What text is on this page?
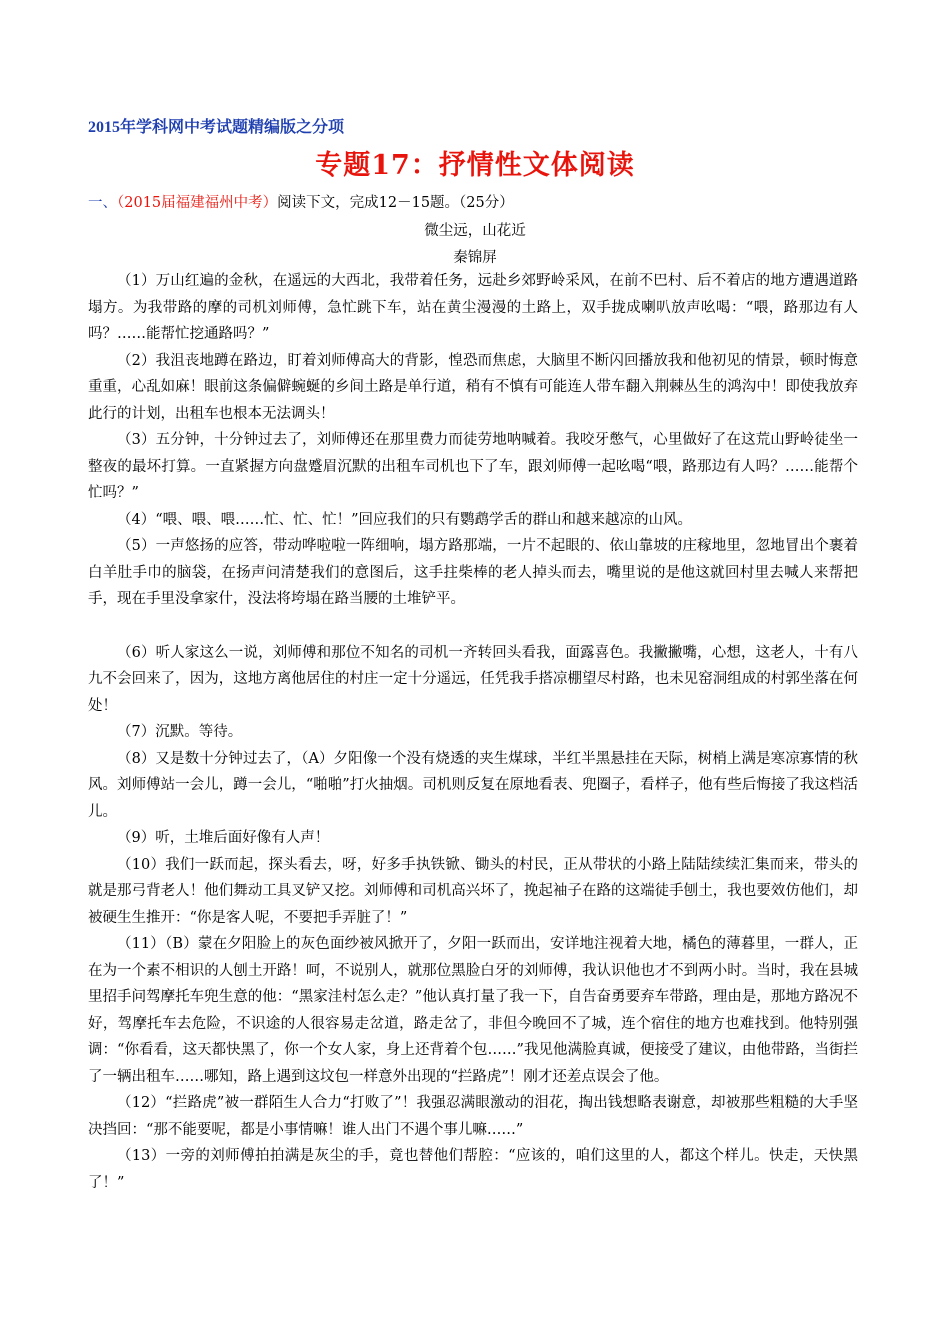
2015年学科网中考试题精编版之分项
专题17：抒情性文体阅读
一、（2015届福建福州中考）阅读下文，完成12－15题。（25分）
微尘远，山花近
秦锦屏

（1）万山红遍的金秋，在遥远的大西北，我带着任务，远赴乡郊野岭采风，在前不巴村、后不着店的地方遭遇道路塌方。为我带路的摩的司机刘师傅，急忙跳下车，站在黄尘漫漫的土路上，双手拢成喇叭放声吆喝：“喂，路那边有人吗？……能帮忙挖通路吗？”

（2）我沮丧地蹲在路边，盯着刘师傅高大的背影，惶恐而焦虑，大脑里不断闪回播放我和他初见的情景，顿时悔意重重，心乱如麻！眼前这条偏僻蜿蜒的乡间土路是单行道，稍有不慎有可能连人带车翻入荆棘丛生的鸿沟中！即使我放弃此行的计划，出租车也根本无法调头！

（3）五分钟，十分钟过去了，刘师傅还在那里费力而徒劳地呐喊着。我咬牙憋气，心里做好了在这荒山野岭徒坐一整夜的最坏打算。一直紧握方向盘蹙眉沉默的出租车司机也下了车，跟刘师傅一起吆喝“喂，路那边有人吗？……能帮个忙吗？”

（4）“喂、喂、喂……忙、忙、忙！”回应我们的只有鹦鹉学舌的群山和越来越凉的山风。

（5）一声悠扬的应答，带动哗啦啦一阵细响，塌方路那端，一片不起眼的、依山靠坡的庄稼地里，忽地冒出个裹着白羊肚手巾的脑袋，在扬声问清楚我们的意图后，这手拄柴棒的老人掉头而去，嘴里说的是他这就回村里去喊人来帮把手，现在手里没拿家什，没法将垮塌在路当腰的土堆铲平。

（6）听人家这么一说，刘师傅和那位不知名的司机一齐转回头看我，面露喜色。我撇撇嘴，心想，这老人，十有八九不会回来了，因为，这地方离他居住的村庄一定十分遥远，任凭我手搭凉棚望尽村路，也未见窑洞组成的村郭坐落在何处！

（7）沉默。等待。

（8）又是数十分钟过去了，（A）夕阳像一个没有烧透的夹生煤球，半红半黑悬挂在天际，树梢上满是寒凉寡情的秋风。刘师傅站一会儿，蹲一会儿，“啪啪”打火抽烟。司机则反复在原地看表、兜圈子，看样子，他有些后悔接了我这档活儿。

（9）听，土堆后面好像有人声！

（10）我们一跃而起，探头看去，呀，好多手执铁锨、锄头的村民，正从带状的小路上陆陆续续汇集而来，带头的就是那弓背老人！他们舞动工具叉铲又挖。刘师傅和司机高兴坏了，挽起袖子在路的这端徒手刨土，我也要效仿他们，却被硬生生推开：“你是客人呢，不要把手弄脏了！”

（11）（B）蒙在夕阳脸上的灰色面纱被风掀开了，夕阳一跃而出，安详地注视着大地，橘色的薄暮里，一群人，正在为一个素不相识的人刨土开路！呵，不说别人，就那位黑脸白牙的刘师傅，我认识他也才不到两小时。当时，我在县城里招手问驾摩托车兜生意的他：“黑家洼村怎么走？”他认真打量了我一下，自告奋勇要弃车带路，理由是，那地方路况不好，驾摩托车去危险，不识途的人很容易走岔道，路走岔了，非但今晚回不了城，连个宿住的地方也难找到。他特别强调：“你看看，这天都快黑了，你一个女人家，身上还背着个包……”我见他满脸真诚，便接受了建议，由他带路，当街拦了一辆出租车……哪知，路上遇到这坟包一样意外出现的“拦路虎”！刚才还差点误会了他。

（12）“拦路虎”被一群陌生人合力“打败了”！我强忍满眼激动的泪花，掏出钱想略表谢意，却被那些粗糙的大手坚决挡回：“那不能要呢，都是小事情嘛！谁人出门不遇个事儿嘛……”

（13）一旁的刘师傅拍拍满是灰尘的手，竟也替他们帮腔：“应该的，咱们这里的人，都这个样儿。快走，天快黑了！”
